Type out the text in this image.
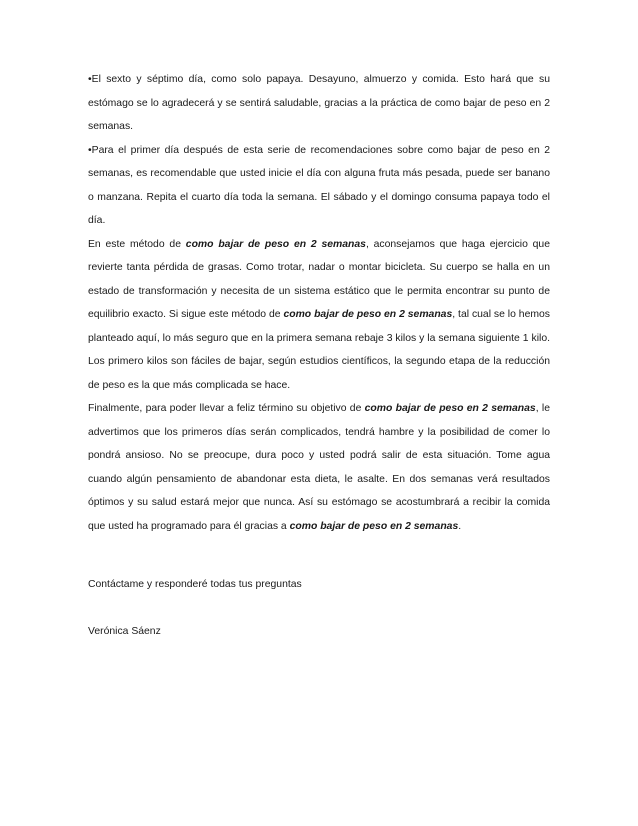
•El sexto y séptimo día, como solo papaya. Desayuno, almuerzo y comida. Esto hará que su estómago se lo agradecerá y se sentirá saludable, gracias a la práctica de como bajar de peso en 2 semanas.

•Para el primer día después de esta serie de recomendaciones sobre como bajar de peso en 2 semanas, es recomendable que usted inicie el día con alguna fruta más pesada, puede ser banano o manzana. Repita el cuarto día toda la semana. El sábado y el domingo consuma papaya todo el día.

En este método de como bajar de peso en 2 semanas, aconsejamos que haga ejercicio que revierte tanta pérdida de grasas. Como trotar, nadar o montar bicicleta. Su cuerpo se halla en un estado de transformación y necesita de un sistema estático que le permita encontrar su punto de equilibrio exacto. Si sigue este método de como bajar de peso en 2 semanas, tal cual se lo hemos planteado aquí, lo más seguro que en la primera semana rebaje 3 kilos y la semana siguiente 1 kilo. Los primero kilos son fáciles de bajar, según estudios científicos, la segundo etapa de la reducción de peso es la que más complicada se hace.

Finalmente, para poder llevar a feliz término su objetivo de como bajar de peso en 2 semanas, le advertimos que los primeros días serán complicados, tendrá hambre y la posibilidad de comer lo pondrá ansioso. No se preocupe, dura poco y usted podrá salir de esta situación. Tome agua cuando algún pensamiento de abandonar esta dieta, le asalte. En dos semanas verá resultados óptimos y su salud estará mejor que nunca. Así su estómago se acostumbrará a recibir la comida que usted ha programado para él gracias a como bajar de peso en 2 semanas.

Contáctame y responderé todas tus preguntas

Verónica Sáenz
